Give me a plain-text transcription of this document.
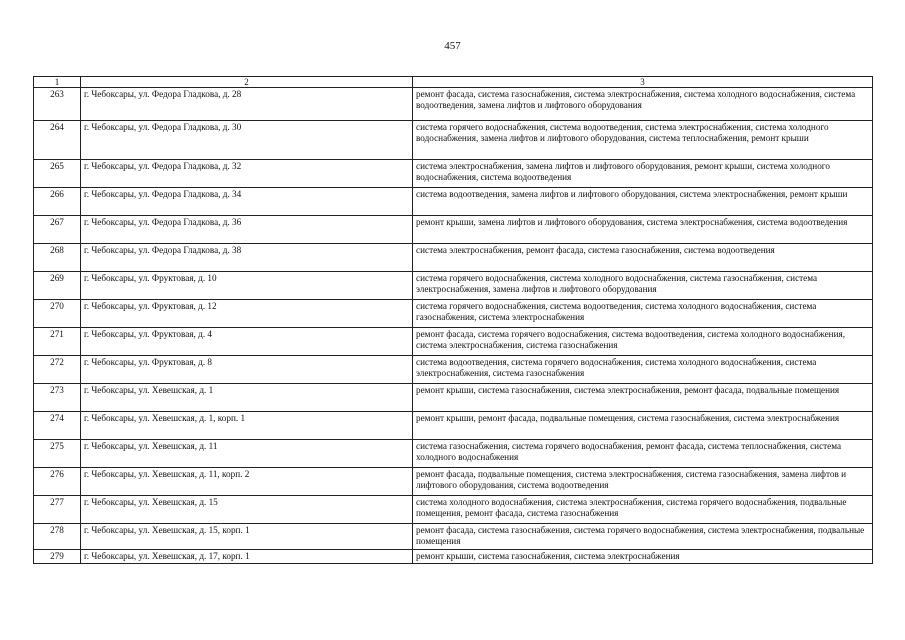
457
1	2	3
263	г. Чебоксары, ул. Федора Гладкова, д. 28	ремонт фасада, система газоснабжения, система электроснабжения, система холодного водоснабжения, система водоотведения, замена лифтов и лифтового оборудования
264	г. Чебоксары, ул. Федора Гладкова, д. 30	система горячего водоснабжения, система водоотведения, система электроснабжения, система холодного водоснабжения, замена лифтов и лифтового оборудования, система теплоснабжения, ремонт крыши
265	г. Чебоксары, ул. Федора Гладкова, д. 32	система электроснабжения, замена лифтов и лифтового оборудования, ремонт крыши, система холодного водоснабжения, система водоотведения
266	г. Чебоксары, ул. Федора Гладкова, д. 34	система водоотведения, замена лифтов и лифтового оборудования, система электроснабжения, ремонт крыши
267	г. Чебоксары, ул. Федора Гладкова, д. 36	ремонт крыши, замена лифтов и лифтового оборудования, система электроснабжения, система водоотведения
268	г. Чебоксары, ул. Федора Гладкова, д. 38	система электроснабжения, ремонт фасада, система газоснабжения, система водоотведения
269	г. Чебоксары, ул. Фруктовая, д. 10	система горячего водоснабжения, система холодного водоснабжения, система газоснабжения, система электроснабжения, замена лифтов и лифтового оборудования
270	г. Чебоксары, ул. Фруктовая, д. 12	система горячего водоснабжения, система водоотведения, система холодного водоснабжения, система газоснабжения, система электроснабжения
271	г. Чебоксары, ул. Фруктовая, д. 4	ремонт фасада, система горячего водоснабжения, система водоотведения, система холодного водоснабжения, система электроснабжения, система газоснабжения
272	г. Чебоксары, ул. Фруктовая, д. 8	система водоотведения, система горячего водоснабжения, система холодного водоснабжения, система электроснабжения, система газоснабжения
273	г. Чебоксары, ул. Хевешская, д. 1	ремонт крыши, система газоснабжения, система электроснабжения, ремонт фасада, подвальные помещения
274	г. Чебоксары, ул. Хевешская, д. 1, корп. 1	ремонт крыши, ремонт фасада, подвальные помещения, система газоснабжения, система электроснабжения
275	г. Чебоксары, ул. Хевешская, д. 11	система газоснабжения, система горячего водоснабжения, ремонт фасада, система теплоснабжения, система холодного водоснабжения
276	г. Чебоксары, ул. Хевешская, д. 11, корп. 2	ремонт фасада, подвальные помещения, система электроснабжения, система газоснабжения, замена лифтов и лифтового оборудования, система водоотведения
277	г. Чебоксары, ул. Хевешская, д. 15	система холодного водоснабжения, система электроснабжения, система горячего водоснабжения, подвальные помещения, ремонт фасада, система газоснабжения
278	г. Чебоксары, ул. Хевешская, д. 15, корп. 1	ремонт фасада, система газоснабжения, система горячего водоснабжения, система электроснабжения, подвальные помещения
279	г. Чебоксары, ул. Хевешская, д. 17, корп. 1	ремонт крыши, система газоснабжения, система электроснабжения
